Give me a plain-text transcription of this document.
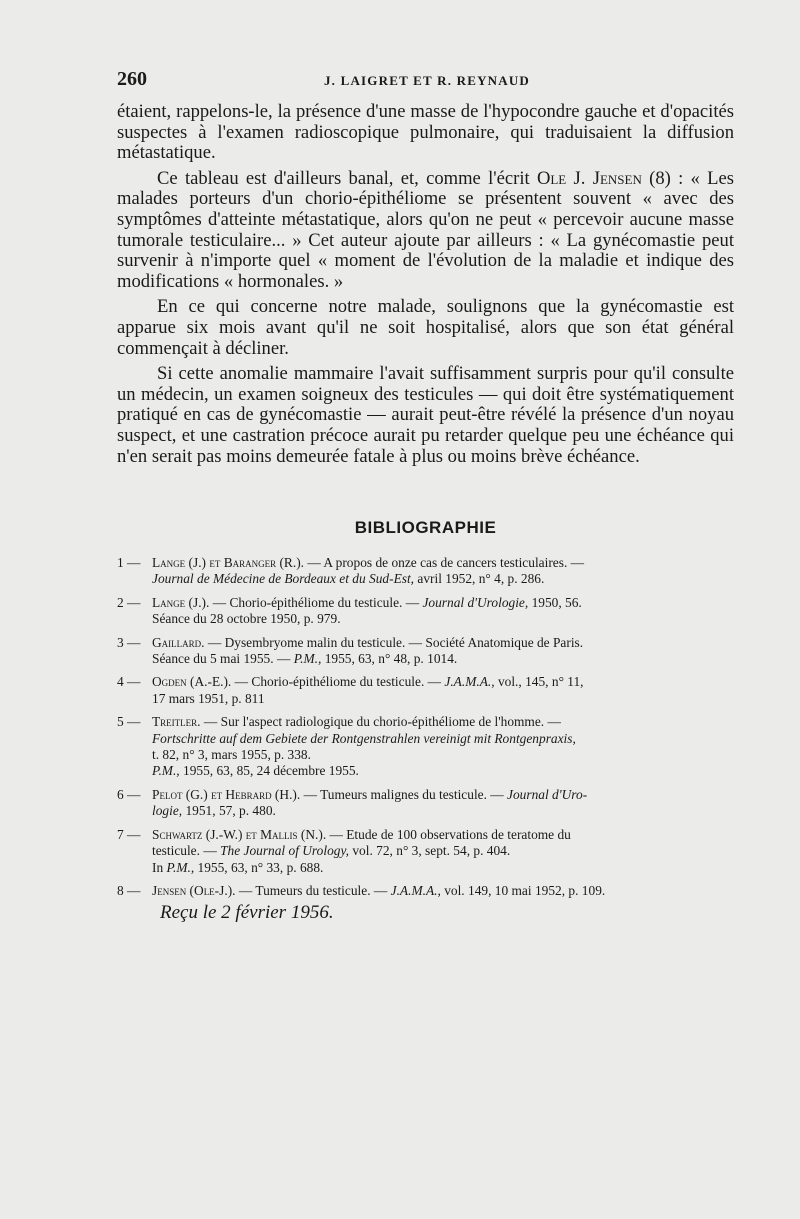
260	J. LAIGRET ET R. REYNAUD

étaient, rappelons-le, la présence d'une masse de l'hypocondre gauche et d'opacités suspectes à l'examen radioscopique pulmonaire, qui traduisaient la diffusion métastatique.

Ce tableau est d'ailleurs banal, et, comme l'écrit Ole J. Jensen (8) : « Les malades porteurs d'un chorio-épithéliome se présentent souvent « avec des symptômes d'atteinte métastatique, alors qu'on ne peut « percevoir aucune masse tumorale testiculaire... » Cet auteur ajoute par ailleurs : « La gynécomastie peut survenir à n'importe quel « moment de l'évolution de la maladie et indique des modifications « hormonales. »

En ce qui concerne notre malade, soulignons que la gynécomastie est apparue six mois avant qu'il ne soit hospitalisé, alors que son état général commençait à décliner.

Si cette anomalie mammaire l'avait suffisamment surpris pour qu'il consulte un médecin, un examen soigneux des testicules — qui doit être systématiquement pratiqué en cas de gynécomastie — aurait peut-être révélé la présence d'un noyau suspect, et une castration précoce aurait pu retarder quelque peu une échéance qui n'en serait pas moins demeurée fatale à plus ou moins brève échéance.

BIBLIOGRAPHIE
1 —	Lange (J.) et Baranger (R.). — A propos de onze cas de cancers testiculaires. —
Journal de Médecine de Bordeaux et du Sud-Est, avril 1952, n° 4, p. 286.
2 —	Lange (J.). — Chorio-épithéliome du testicule. — Journal d'Urologie, 1950, 56.
Séance du 28 octobre 1950, p. 979.
3 —	Gaillard. — Dysembryome malin du testicule. — Société Anatomique de Paris.
Séance du 5 mai 1955. — P.M., 1955, 63, n° 48, p. 1014.
4 —	Ogden (A.-E.). — Chorio-épithéliome du testicule. — J.A.M.A., vol., 145, n° 11,
17 mars 1951, p. 811
5 —	Treitler. — Sur l'aspect radiologique du chorio-épithéliome de l'homme. —
Fortschritte auf dem Gebiete der Rontgenstrahlen vereinigt mit Rontgenpraxis,
t. 82, n° 3, mars 1955, p. 338.
P.M., 1955, 63, 85, 24 décembre 1955.
6 —	Pelot (G.) et Hebrard (H.). — Tumeurs malignes du testicule. — Journal d'Uro-
logie, 1951, 57, p. 480.
7 —	Schwartz (J.-W.) et Mallis (N.). — Etude de 100 observations de teratome du
testicule. — The Journal of Urology, vol. 72, n° 3, sept. 54, p. 404.
In P.M., 1955, 63, n° 33, p. 688.
8 —	Jensen (Ole-J.). — Tumeurs du testicule. — J.A.M.A., vol. 149, 10 mai 1952, p. 109.
Reçu le 2 février 1956.
